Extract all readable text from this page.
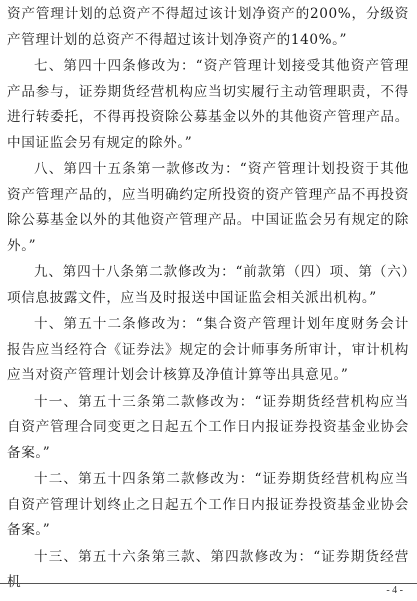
资产管理计划的总资产不得超过该计划净资产的200%，分级资产管理计划的总资产不得超过该计划净资产的140%。”

七、第四十四条修改为：“资产管理计划接受其他资产管理产品参与，证券期货经营机构应当切实履行主动管理职责，不得进行转委托，不得再投资除公募基金以外的其他资产管理产品。中国证监会另有规定的除外。”

八、第四十五条第一款修改为：“资产管理计划投资于其他资产管理产品的，应当明确约定所投资的资产管理产品不再投资除公募基金以外的其他资产管理产品。中国证监会另有规定的除外。”

九、第四十八条第二款修改为：“前款第（四）项、第（六）项信息披露文件，应当及时报送中国证监会相关派出机构。”

十、第五十二条修改为：“集合资产管理计划年度财务会计报告应当经符合《证券法》规定的会计师事务所审计，审计机构应当对资产管理计划会计核算及净值计算等出具意见。”

十一、第五十三条第二款修改为：“证券期货经营机构应当自资产管理合同变更之日起五个工作日内报证券投资基金业协会备案。”

十二、第五十四条第二款修改为：“证券期货经营机构应当自资产管理计划终止之日起五个工作日内报证券投资基金业协会备案。”

十三、第五十六条第三款、第四款修改为：“证券期货经营机

- 4 -
